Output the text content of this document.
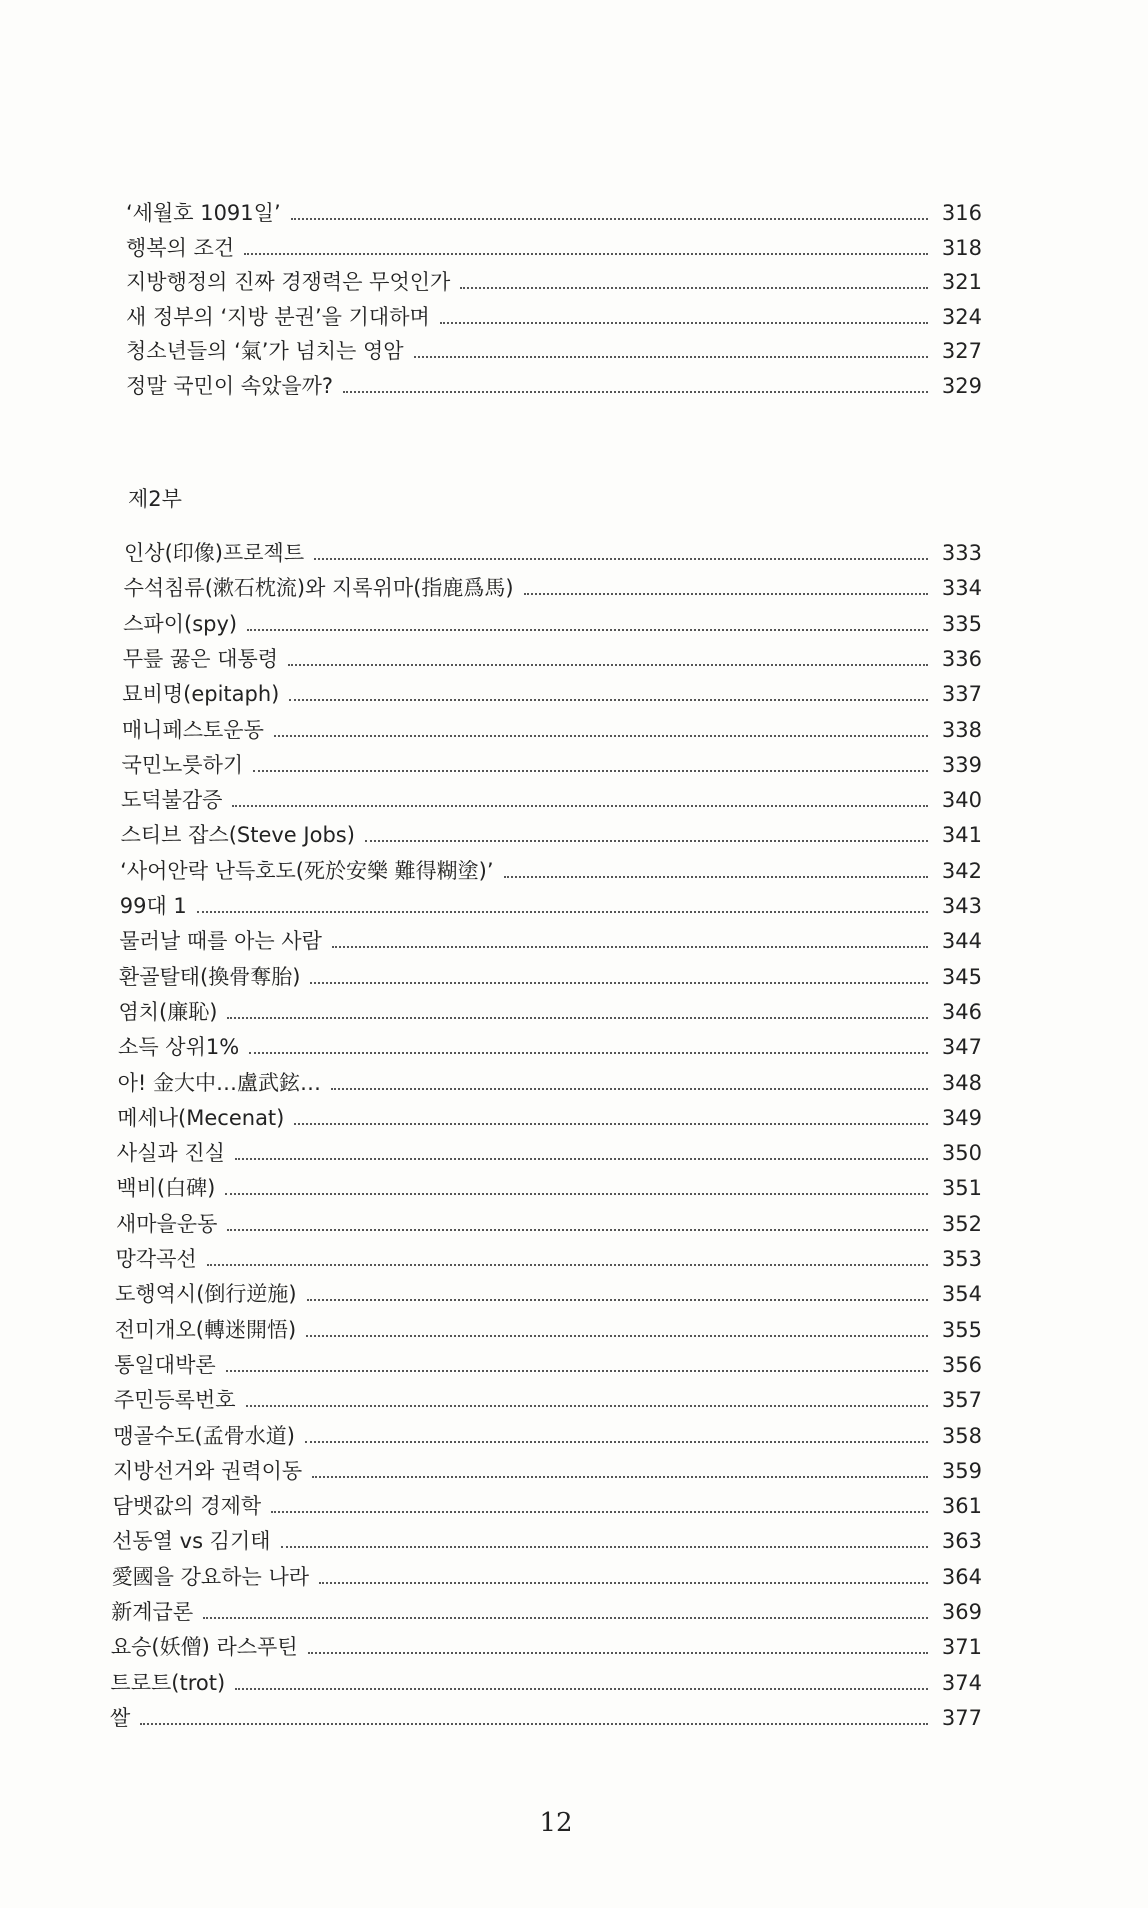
‘세월호 1091일’	316
행복의 조건	318
지방행정의 진짜 경쟁력은 무엇인가	321
새 정부의 ‘지방 분권’을 기대하며	324
청소년들의 ‘氣’가 넘치는 영암	327
정말 국민이 속았을까?	329
제2부
인상(印像)프로젝트	333
수석침류(漱石枕流)와 지록위마(指鹿爲馬)	334
스파이(spy)	335
무릎 꿇은 대통령	336
묘비명(epitaph)	337
매니페스토운동	338
국민노릇하기	339
도덕불감증	340
스티브 잡스(Steve Jobs)	341
‘사어안락 난득호도(死於安樂 難得糊塗)’	342
99대 1	343
물러날 때를 아는 사람	344
환골탈태(換骨奪胎)	345
염치(廉恥)	346
소득 상위1%	347
아! 金大中…盧武鉉…	348
메세나(Mecenat)	349
사실과 진실	350
백비(白碑)	351
새마을운동	352
망각곡선	353
도행역시(倒行逆施)	354
전미개오(轉迷開悟)	355
통일대박론	356
주민등록번호	357
맹골수도(孟骨水道)	358
지방선거와 권력이동	359
담뱃값의 경제학	361
선동열 vs 김기태	363
愛國을 강요하는 나라	364
新계급론	369
요승(妖僧) 라스푸틴	371
트로트(trot)	374
쌀	377
12
